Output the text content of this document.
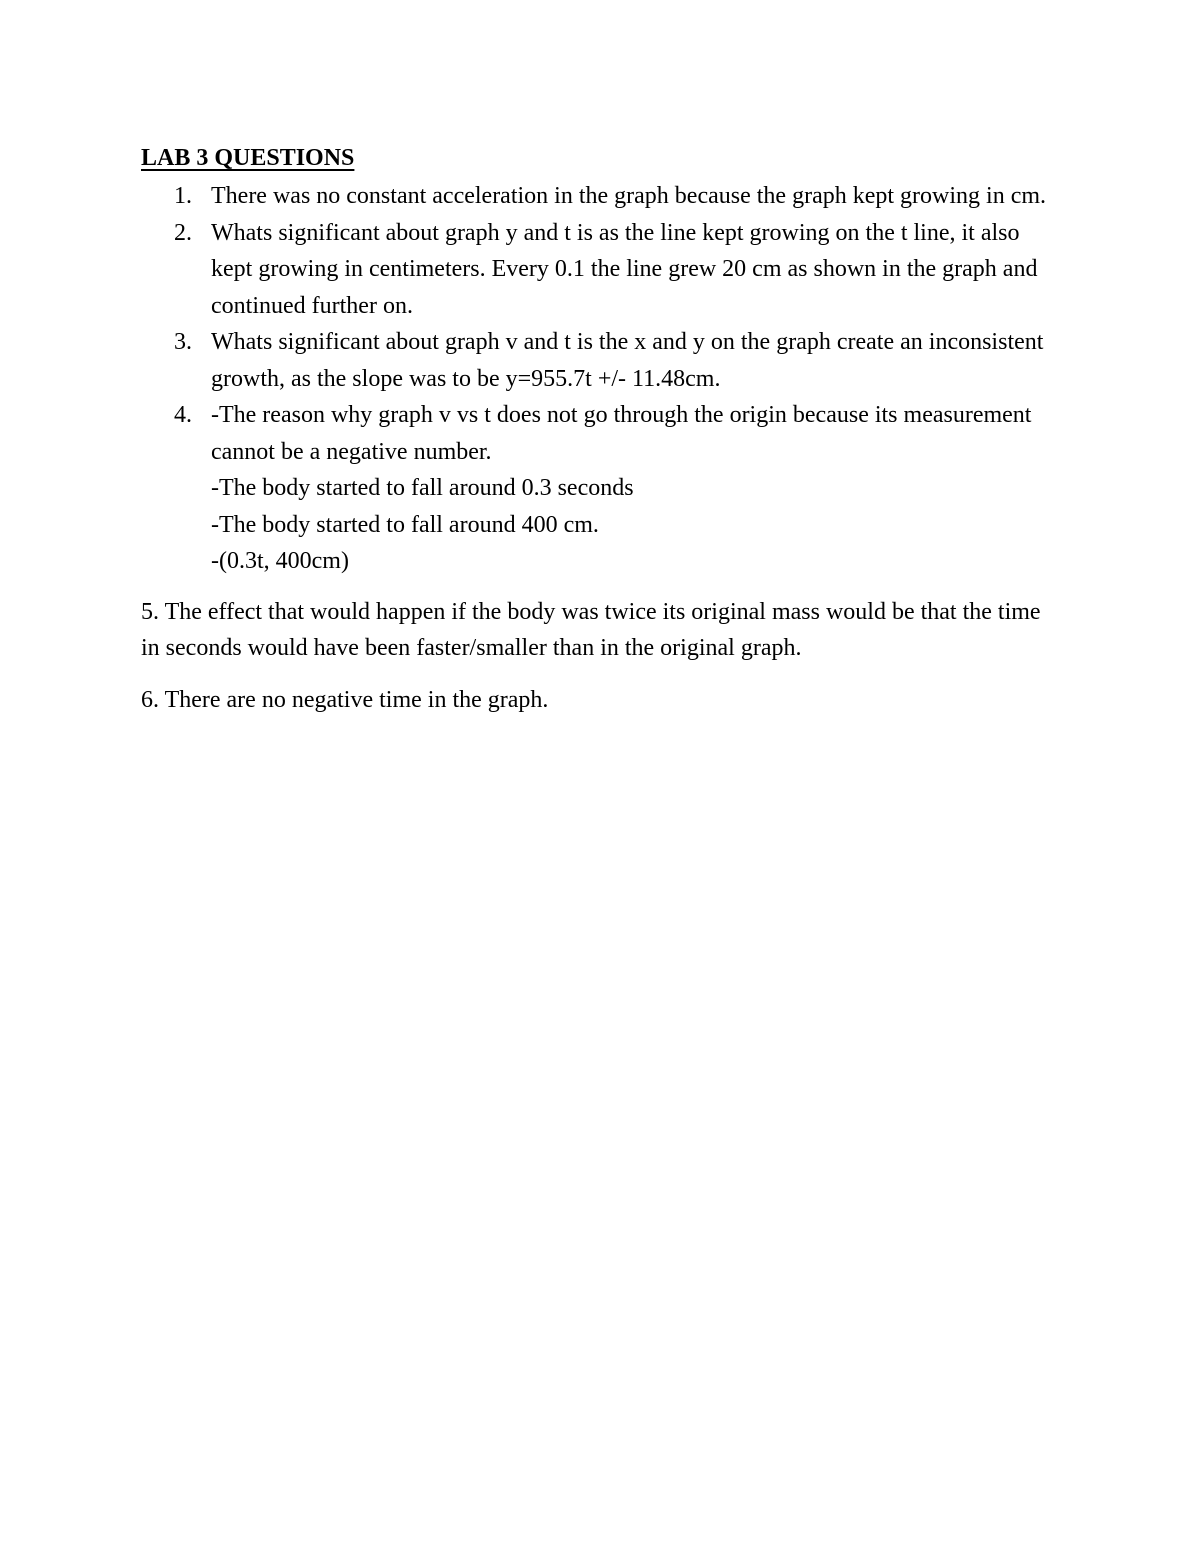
LAB 3 QUESTIONS
1. There was no constant acceleration in the graph because the graph kept growing in cm.
2. Whats significant about graph y and t is as the line kept growing on the t line, it also kept growing in centimeters. Every 0.1 the line grew 20 cm as shown in the graph and continued further on.
3. Whats significant about graph v and t is the x and y on the graph create an inconsistent growth, as the slope was to be y=955.7t +/- 11.48cm.
4. -The reason why graph v vs t does not go through the origin because its measurement cannot be a negative number.
-The body started to fall around 0.3 seconds
-The body started to fall around 400 cm.
-(0.3t, 400cm)

5. The effect that would happen if the body was twice its original mass would be that the time in seconds would have been faster/smaller than in the original graph.

6. There are no negative time in the graph.
